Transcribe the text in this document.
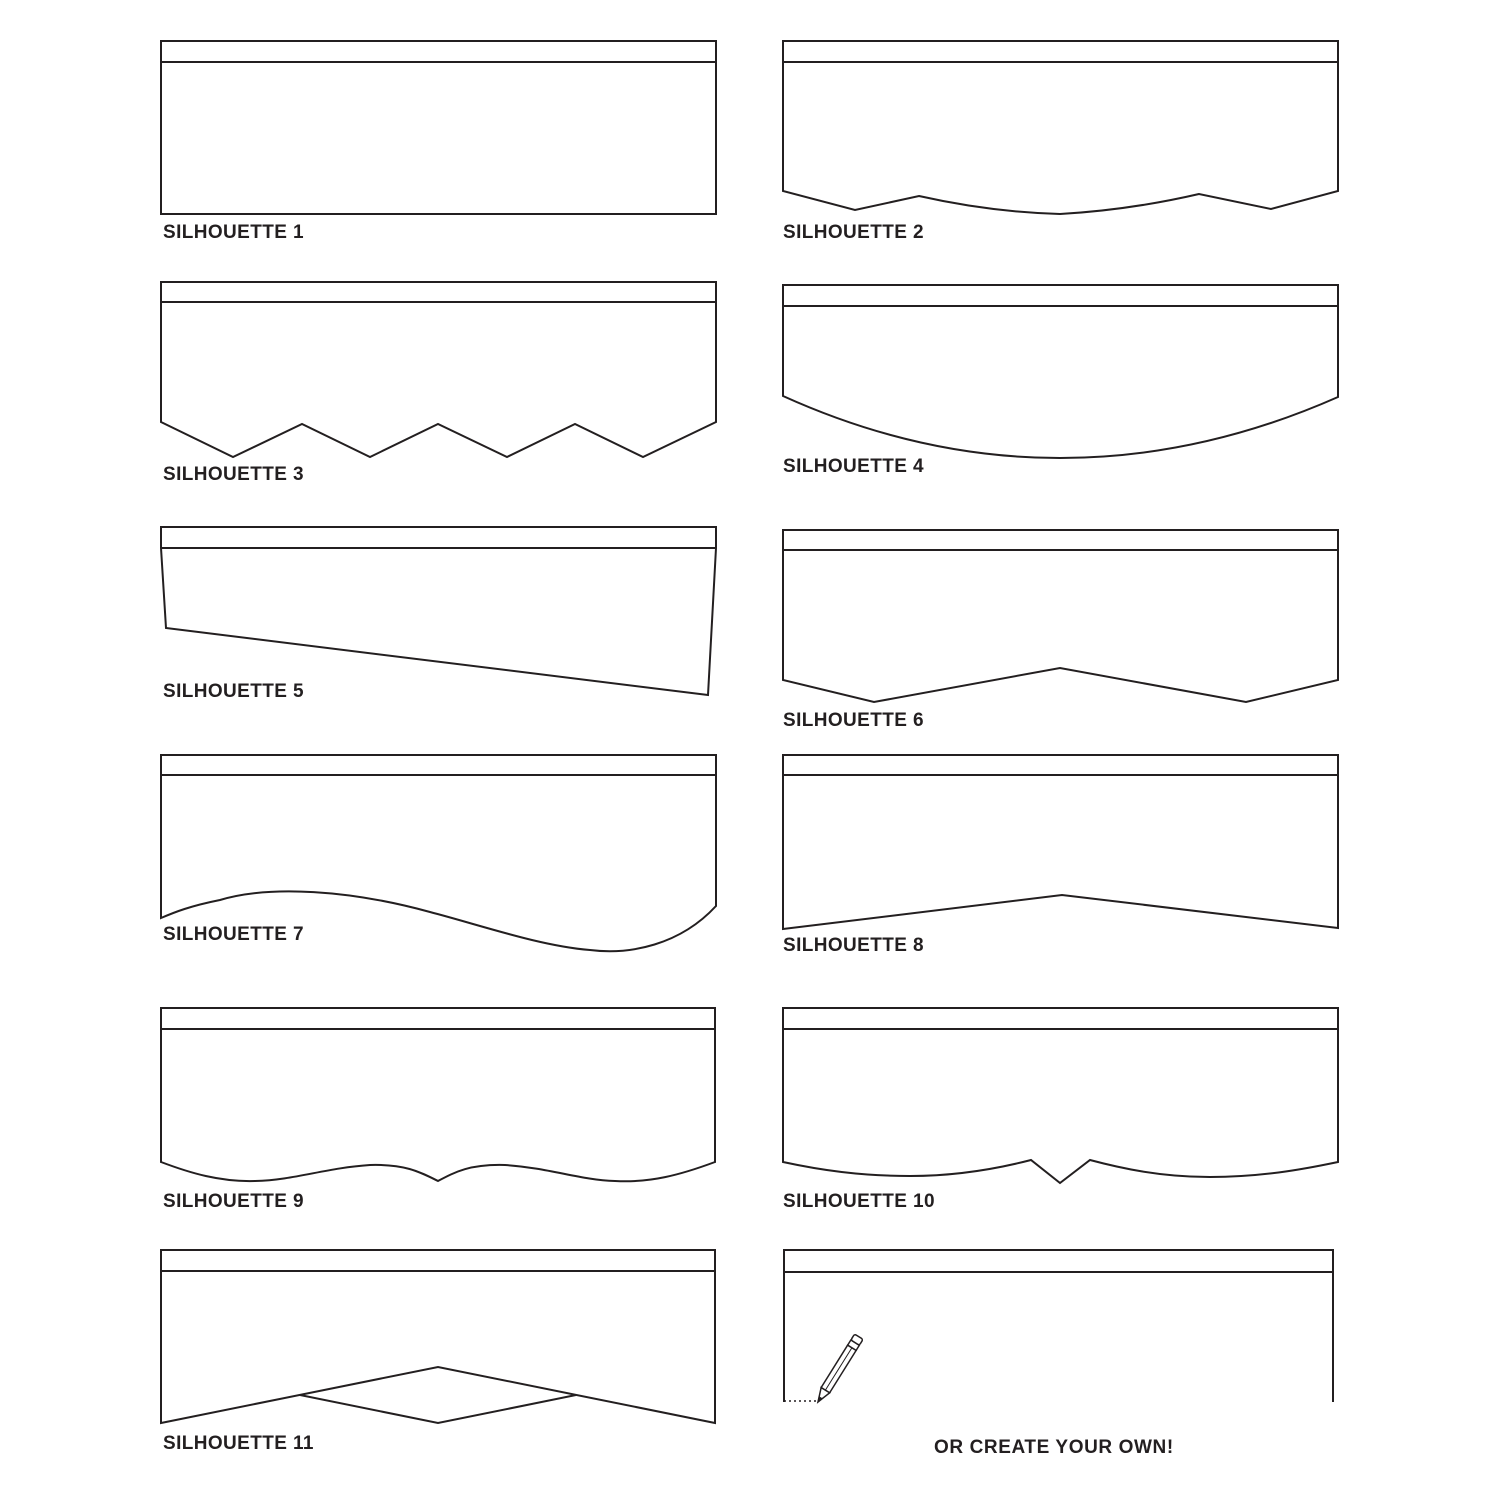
SILHOUETTE 1	SILHOUETTE 2
SILHOUETTE 3	SILHOUETTE 4
SILHOUETTE 5
SILHOUETTE 6
SILHOUETTE 7
SILHOUETTE 8
SILHOUETTE 9	SILHOUETTE 10
SILHOUETTE 11	OR CREATE YOUR OWN!
